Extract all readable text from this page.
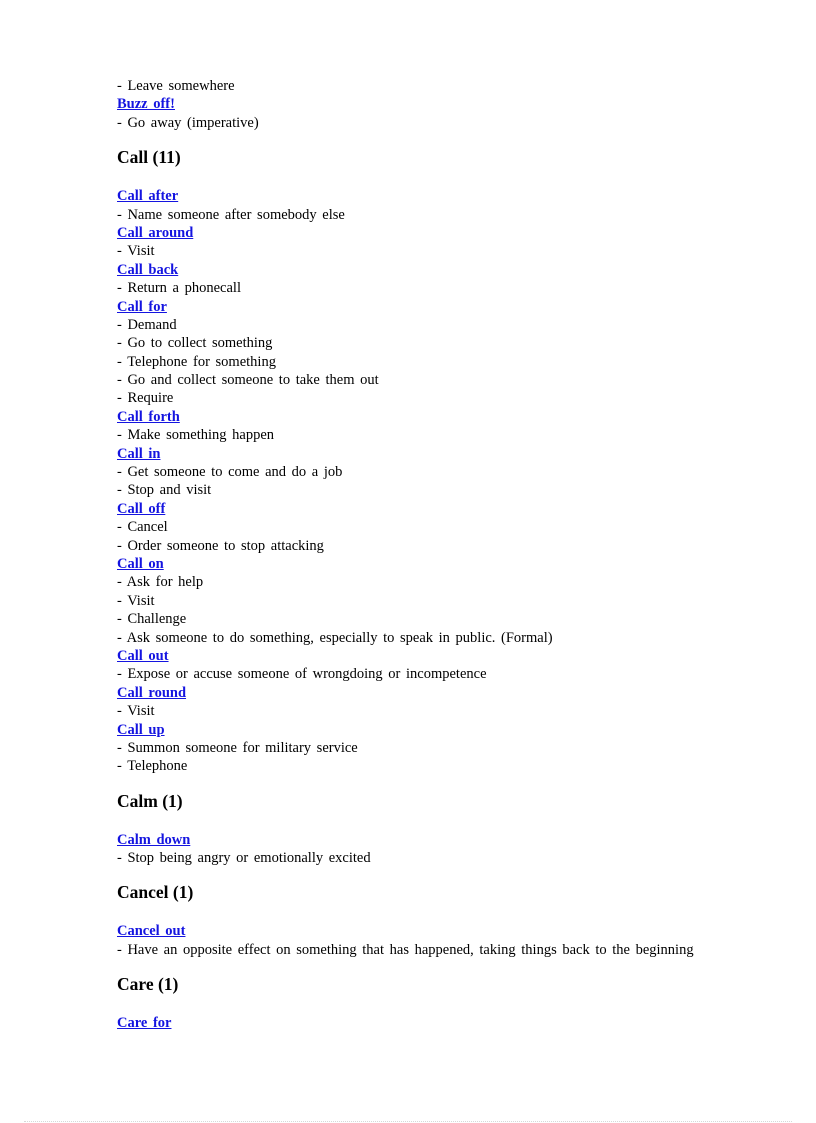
- Leave somewhere
Buzz off!
- Go away (imperative)
Call (11)
Call after
- Name someone after somebody else
Call around
- Visit
Call back
- Return a phonecall
Call for
- Demand
- Go to collect something
- Telephone for something
- Go and collect someone to take them out
- Require
Call forth
- Make something happen
Call in
- Get someone to come and do a job
- Stop and visit
Call off
- Cancel
- Order someone to stop attacking
Call on
- Ask for help
- Visit
- Challenge
- Ask someone to do something, especially to speak in public. (Formal)
Call out
- Expose or accuse someone of wrongdoing or incompetence
Call round
- Visit
Call up
- Summon someone for military service
- Telephone
Calm (1)
Calm down
- Stop being angry or emotionally excited
Cancel (1)
Cancel out
- Have an opposite effect on something that has happened, taking things back to the beginning
Care (1)
Care for
